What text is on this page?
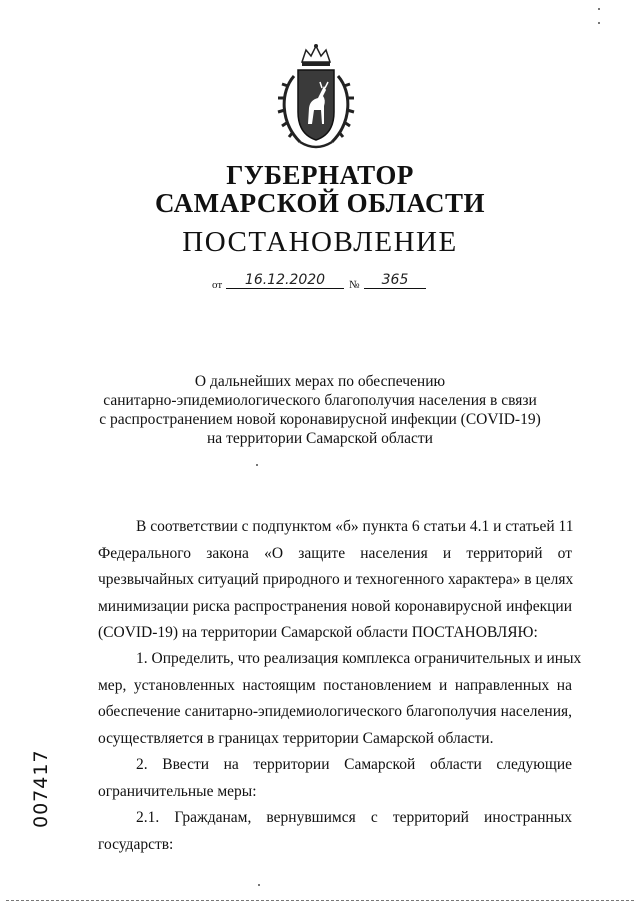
ГУБЕРНАТОР
САМАРСКОЙ ОБЛАСТИ
ПОСТАНОВЛЕНИЕ
от	16.12.2020	№	365
О дальнейших мерах по обеспечению
санитарно-эпидемиологического благополучия населения в связи
с распространением новой коронавирусной инфекции (COVID-19)
на территории Самарской области

В соответствии с подпунктом «б» пункта 6 статьи 4.1 и статьей 11
Федерального закона «О защите населения и территорий от
чрезвычайных ситуаций природного и техногенного характера» в целях
минимизации риска распространения новой коронавирусной инфекции
(COVID-19) на территории Самарской области ПОСТАНОВЛЯЮ:

1. Определить, что реализация комплекса ограничительных и иных
мер, установленных настоящим постановлением и направленных на
обеспечение санитарно-эпидемиологического благополучия населения,
осуществляется в границах территории Самарской области.

2. Ввести на территории Самарской области следующие
ограничительные меры:

2.1. Гражданам, вернувшимся с территорий иностранных
государств:

007417
